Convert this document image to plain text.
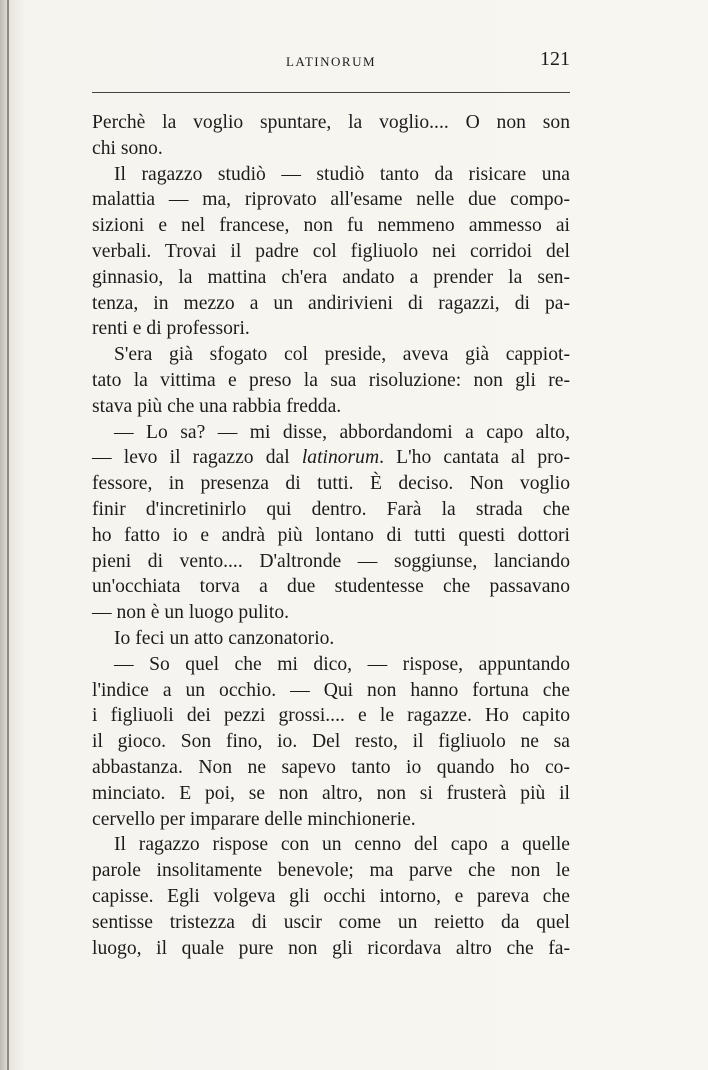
LATINORUM	121
Perchè la voglio spuntare, la voglio.... O non son
chi sono.
Il ragazzo studiò — studiò tanto da risicare una
malattia — ma, riprovato all'esame nelle due compo-
sizioni e nel francese, non fu nemmeno ammesso ai
verbali. Trovai il padre col figliuolo nei corridoi del
ginnasio, la mattina ch'era andato a prender la sen-
tenza, in mezzo a un andirivieni di ragazzi, di pa-
renti e di professori.
S'era già sfogato col preside, aveva già cappiot-
tato la vittima e preso la sua risoluzione: non gli re-
stava più che una rabbia fredda.
— Lo sa? — mi disse, abbordandomi a capo alto,
— levo il ragazzo dal latinorum. L'ho cantata al pro-
fessore, in presenza di tutti. È deciso. Non voglio
finir d'incretinirlo qui dentro. Farà la strada che
ho fatto io e andrà più lontano di tutti questi dottori
pieni di vento.... D'altronde — soggiunse, lanciando
un'occhiata torva a due studentesse che passavano
— non è un luogo pulito.
Io feci un atto canzonatorio.
— So quel che mi dico, — rispose, appuntando
l'indice a un occhio. — Qui non hanno fortuna che
i figliuoli dei pezzi grossi.... e le ragazze. Ho capito
il gioco. Son fino, io. Del resto, il figliuolo ne sa
abbastanza. Non ne sapevo tanto io quando ho co-
minciato. E poi, se non altro, non si frusterà più il
cervello per imparare delle minchionerie.
Il ragazzo rispose con un cenno del capo a quelle
parole insolitamente benevole; ma parve che non le
capisse. Egli volgeva gli occhi intorno, e pareva che
sentisse tristezza di uscir come un reietto da quel
luogo, il quale pure non gli ricordava altro che fa-
